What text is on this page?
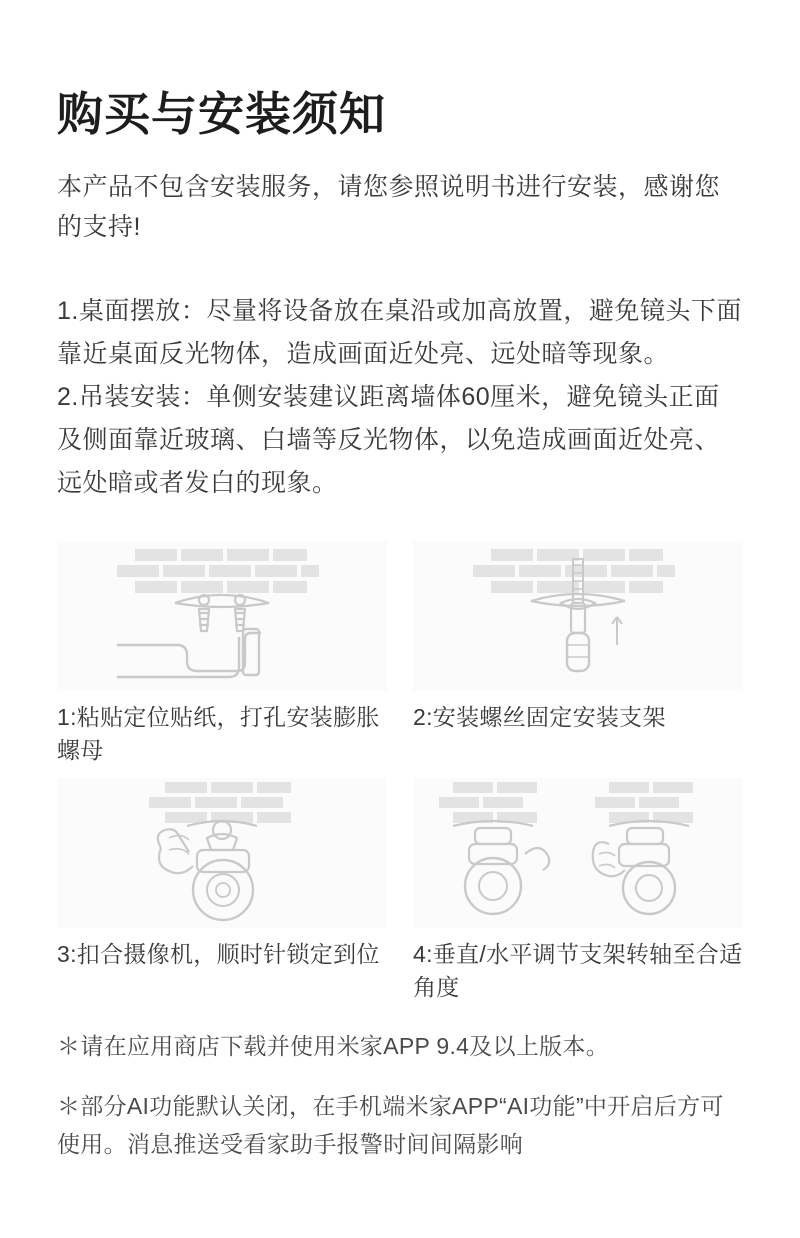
购买与安装须知
本产品不包含安装服务，请您参照说明书进行安装，感谢您的支持!

1.桌面摆放：尽量将设备放在桌沿或加高放置，避免镜头下面靠近桌面反光物体，造成画面近处亮、远处暗等现象。

2.吊装安装：单侧安装建议距离墙体60厘米，避免镜头正面及侧面靠近玻璃、白墙等反光物体，以免造成画面近处亮、远处暗或者发白的现象。

1:粘贴定位贴纸，打孔安装膨胀螺母
2:安装螺丝固定安装支架
3:扣合摄像机，顺时针锁定到位	4:垂直/水平调节支架转轴至合适角度

＊请在应用商店下载并使用米家APP 9.4及以上版本。

＊部分AI功能默认关闭，在手机端米家APP“AI功能”中开启后方可使用。消息推送受看家助手报警时间间隔影响
